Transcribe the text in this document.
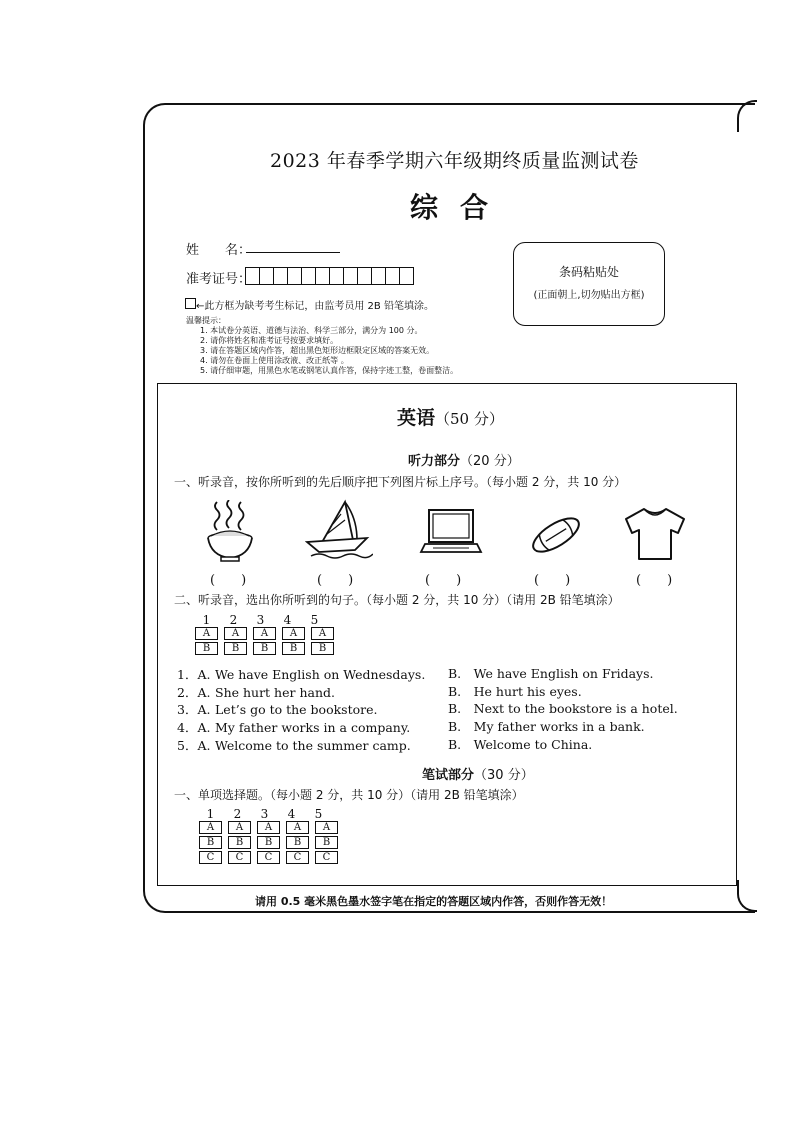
2023 年春季学期六年级期终质量监测试卷
综合
姓　　名：
准考证号：
←此方框为缺考考生标记，由监考员用 2B 铅笔填涂。
条码粘贴处
(正面朝上,切勿贴出方框)
温馨提示：
1. 本试卷分英语、道德与法治、科学三部分，满分为 100 分。
2. 请你将姓名和准考证号按要求填好。
3. 请在答题区域内作答，超出黑色矩形边框限定区域的答案无效。
4. 请勿在卷面上使用涂改液、改正纸等 。
5. 请仔细审题，用黑色水笔或钢笔认真作答，保持字迹工整，卷面整洁。
英语（50 分）
听力部分（20 分）
一、听录音，按你所听到的先后顺序把下列图片标上序号。（每小题 2 分，共 10 分）
(　　)	(　　)	(　　)	(　　)	(　　)
二、听录音，选出你所听到的句子。（每小题 2 分，共 10 分）（请用 2B 铅笔填涂）
1	2	3	4	5
A	A	A	A	A
B	B	B	B	B
1．A. We have English on Wednesdays. B.　We have English on Fridays.
2．A. She hurt her hand.	B.　He hurt his eyes.
3．A. Let’s go to the bookstore.	B.　Next to the bookstore is a hotel.
4．A. My father works in a company.	B.　My father works in a bank.
5．A. Welcome to the summer camp.	B.　Welcome to China.
笔试部分（30 分）
一、单项选择题。（每小题 2 分，共 10 分）（请用 2B 铅笔填涂）
1	2	3	4	5
A	A	A	A	A
B	B	B	B	B
C	C	C	C	C
请用 0.5 毫米黑色墨水签字笔在指定的答题区域内作答，否则作答无效！
